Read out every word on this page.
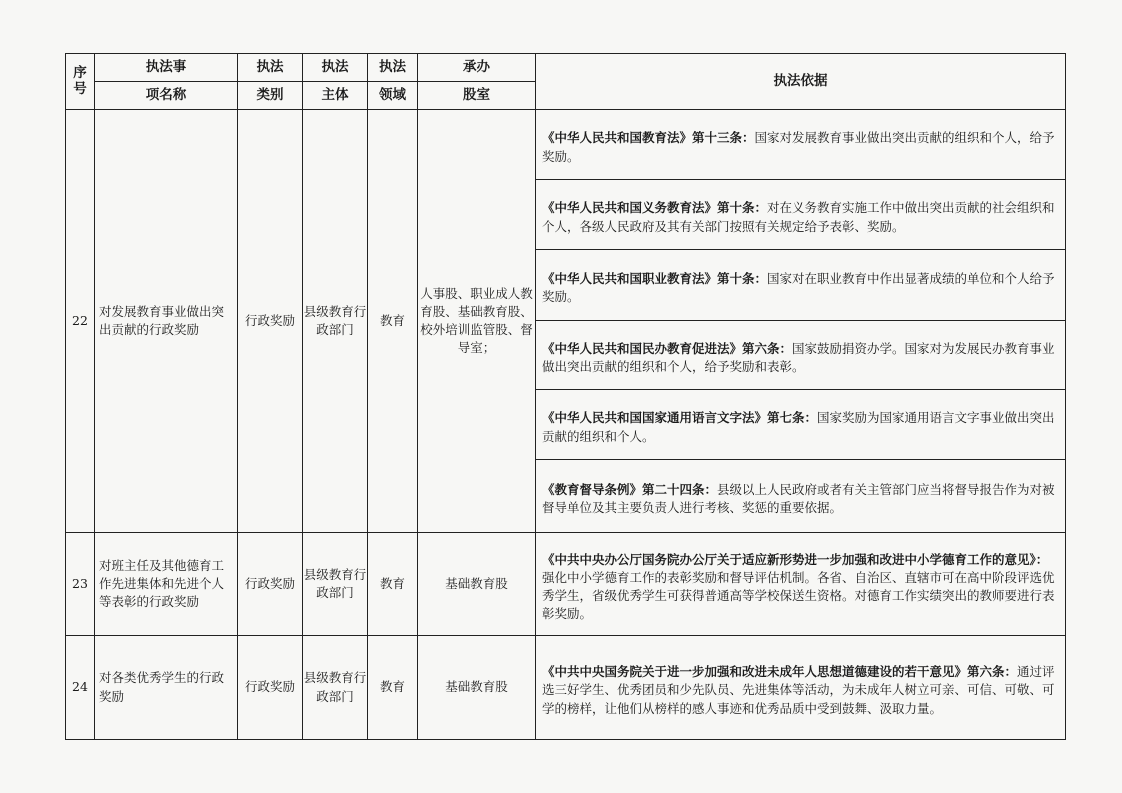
序号	执法事	执法	执法	执法	承办	执法依据
	项名称	类别	主体	领域	股室	
22	对发展教育事业做出突出贡献的行政奖励	行政奖励	县级教育行政部门	教育	人事股、职业成人教育股、基础教育股、校外培训监管股、督导室；	《中华人民共和国教育法》第十三条：国家对发展教育事业做出突出贡献的组织和个人，给予奖励。
						《中华人民共和国义务教育法》第十条：对在义务教育实施工作中做出突出贡献的社会组织和个人，各级人民政府及其有关部门按照有关规定给予表彰、奖励。
						《中华人民共和国职业教育法》第十条：国家对在职业教育中作出显著成绩的单位和个人给予奖励。
						《中华人民共和国民办教育促进法》第六条：国家鼓励捐资办学。国家对为发展民办教育事业做出突出贡献的组织和个人，给予奖励和表彰。
						《中华人民共和国国家通用语言文字法》第七条：国家奖励为国家通用语言文字事业做出突出贡献的组织和个人。
						《教育督导条例》第二十四条：县级以上人民政府或者有关主管部门应当将督导报告作为对被督导单位及其主要负责人进行考核、奖惩的重要依据。
23	对班主任及其他德育工作先进集体和先进个人等表彰的行政奖励	行政奖励	县级教育行政部门	教育	基础教育股	《中共中央办公厅国务院办公厅关于适应新形势进一步加强和改进中小学德育工作的意见》：强化中小学德育工作的表彰奖励和督导评估机制。各省、自治区、直辖市可在高中阶段评选优秀学生，省级优秀学生可获得普通高等学校保送生资格。对德育工作实绩突出的教师要进行表彰奖励。
24	对各类优秀学生的行政奖励	行政奖励	县级教育行政部门	教育	基础教育股	《中共中央国务院关于进一步加强和改进未成年人思想道德建设的若干意见》第六条：通过评选三好学生、优秀团员和少先队员、先进集体等活动，为未成年人树立可亲、可信、可敬、可学的榜样，让他们从榜样的感人事迹和优秀品质中受到鼓舞、汲取力量。
